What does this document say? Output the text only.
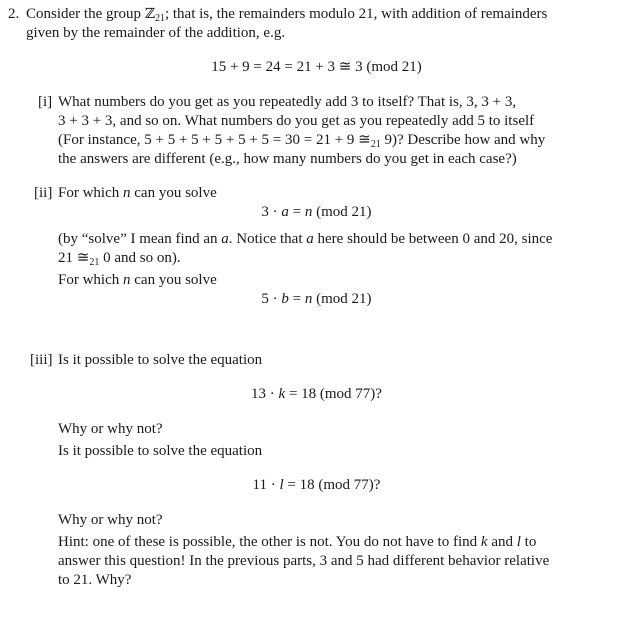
2. Consider the group ℤ$_{21}$; that is, the remainders modulo 21, with addition of remainders
given by the remainder of the addition, e.g.
15 + 9 = 24 = 21 + 3 ≅ 3 (mod 21)
[i] What numbers do you get as you repeatedly add 3 to itself? That is, 3, 3 + 3,
3 + 3 + 3, and so on. What numbers do you get as you repeatedly add 5 to itself
(For instance, 5 + 5 + 5 + 5 + 5 + 5 = 30 = 21 + 9 $≅_{21}$ 9)? Describe how and why
the answers are different (e.g., how many numbers do you get in each case?)
[ii] For which n can you solve
3 · a = n (mod 21)
(by “solve” I mean find an a. Notice that a here should be between 0 and 20, since
21 $≅_{21}$ 0 and so on).
For which n can you solve
5 · b = n (mod 21)
[iii] Is it possible to solve the equation
13 · k = 18 (mod 77)?
Why or why not?
Is it possible to solve the equation
11 · l = 18 (mod 77)?
Why or why not?
Hint: one of these is possible, the other is not. You do not have to find k and l to
answer this question! In the previous parts, 3 and 5 had different behavior relative
to 21. Why?
